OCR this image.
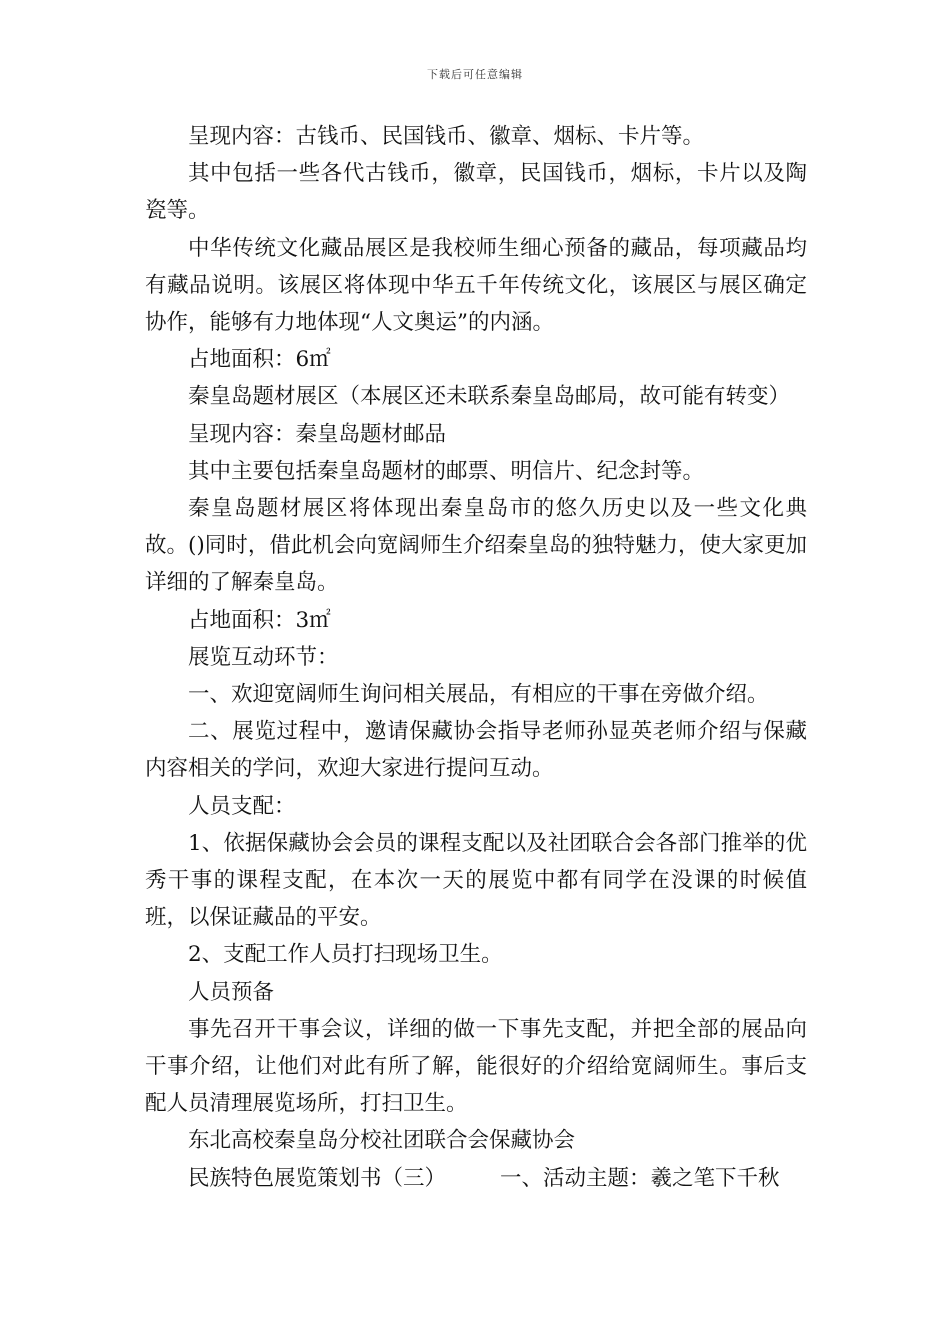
下载后可任意编辑

呈现内容：古钱币、民国钱币、徽章、烟标、卡片等。

其中包括一些各代古钱币，徽章，民国钱币，烟标，卡片以及陶瓷等。

中华传统文化藏品展区是我校师生细心预备的藏品，每项藏品均有藏品说明。该展区将体现中华五千年传统文化，该展区与展区确定协作，能够有力地体现“人文奥运”的内涵。

占地面积：6㎡

秦皇岛题材展区（本展区还未联系秦皇岛邮局，故可能有转变）

呈现内容：秦皇岛题材邮品

其中主要包括秦皇岛题材的邮票、明信片、纪念封等。

秦皇岛题材展区将体现出秦皇岛市的悠久历史以及一些文化典故。()同时，借此机会向宽阔师生介绍秦皇岛的独特魅力，使大家更加详细的了解秦皇岛。

占地面积：3㎡

展览互动环节：

一、欢迎宽阔师生询问相关展品，有相应的干事在旁做介绍。

二、展览过程中，邀请保藏协会指导老师孙显英老师介绍与保藏内容相关的学问，欢迎大家进行提问互动。

人员支配：

1、依据保藏协会会员的课程支配以及社团联合会各部门推举的优秀干事的课程支配，在本次一天的展览中都有同学在没课的时候值班，以保证藏品的平安。

2、支配工作人员打扫现场卫生。

人员预备

事先召开干事会议，详细的做一下事先支配，并把全部的展品向干事介绍，让他们对此有所了解，能很好的介绍给宽阔师生。事后支配人员清理展览场所，打扫卫生。

东北高校秦皇岛分校社团联合会保藏协会

民族特色展览策划书（三）	一、活动主题：羲之笔下千秋
